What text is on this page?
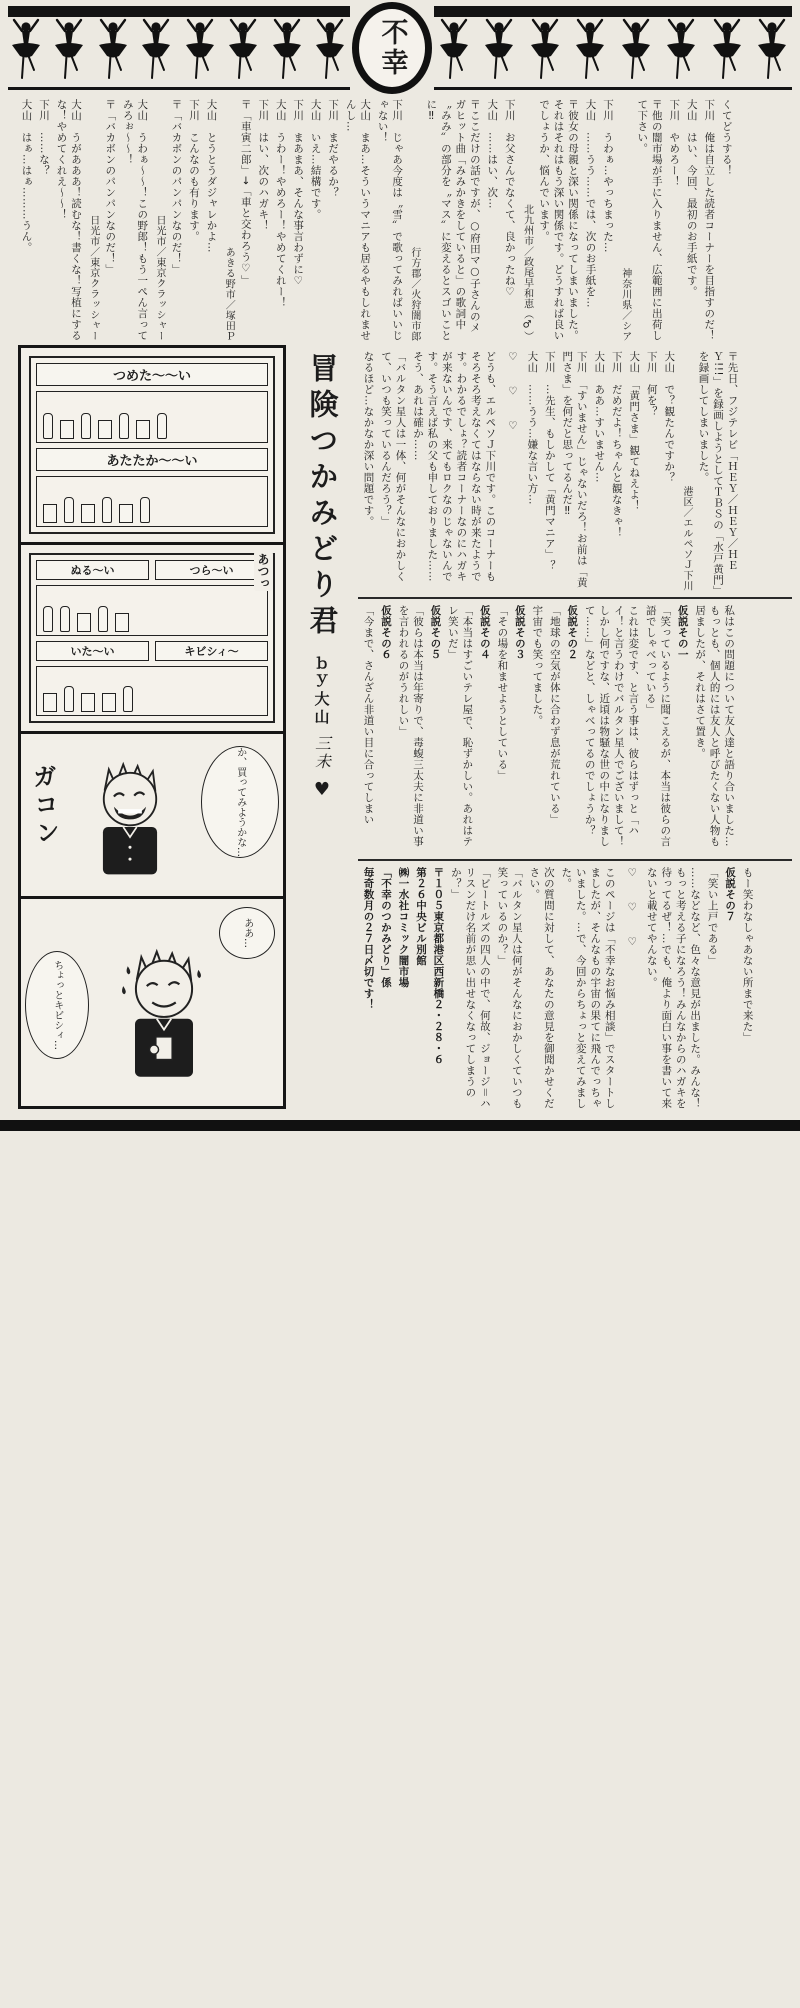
不幸
くてどうする！
下川　俺は自立した読者コーナーを目指すのだ！
大山　はい、今回、最初のお手紙です。
下川　やめろー！
〒他の闇市場が手に入りません、広範囲に出荷して下さい。
神奈川県／シア
下川　うわぁ…やっちまった…
大山　……うう……では、次のお手紙を…
〒彼女の母親と深い関係になってしまいました。それはそれはもう深い関係です。どうすれば良いでしょうか、悩んでいます。
北九州市／政尾早和恵（♂）
下川　お父さんでなくて、良かったね♡
大山　……はい、次…
〒ここだけの話ですが、○府田マ○子さんのメガヒット曲「みみかきをしていると」の歌詞中〝みみ〟の部分を〝マス〟に変えるとスゴいことに‼
行方郡／火狩闇市郎
下川　じゃあ今度は〝雪〟で歌ってみればいいじゃない！
大山　まあ…そういうマニアも居るやもしれませんし…
下川　まだやるか？
大山　いえ…結構です。
下川　まあまあ、そんな事言わずに♡
大山　うわー！やめろー！やめてくれー！
下川　はい、次のハガキ！
〒「車寅二郎」→「車と交わろう♡」
あきる野市／塚田Ｐ
大山　とうとうダジャレかよ…
下川　こんなのも有ります。
〒「バカボンのパンパンなのだ！」
日光市／東京クラッシャー
大山　うわぁ〜〜！この野郎！もう一ぺん言ってみろぉ〜〜！
〒「バカボンのパンパンなのだ！」
日光市／東京クラッシャー
大山　うがあああ！読むな！書くな！写植にするな！やめてくれえ〜〜！
下川　……な？
大山　はぁ…はぁ………うん。
つめた〜〜い
あたたか〜〜い
あつっ
ぬる〜い	つら〜い
いた〜い	キビシィ〜
ガコン	か、買ってみようかな…
ああ…
ちょっとキビシィ…
冒険つかみどり君
ｂｙ大山
三未
♥
〒先日、フジテレビ「ＨＥＹ／ＨＥＹ／ＨＥＹ!!!」を録画しようとしてＴＢＳの「水戸黄門」を録画してしまいました。
港区／エルペソＪ下川
大山　で？観たんですか？
下川　何を？
大山　「黄門さま」観てねえよ！
下川　だめだよ！ちゃんと観なきゃ！
大山　ああ…すいません…
下川　「すいません」じゃないだろ！お前は「黄門さま」を何だと思ってるんだ‼
下川　…先生、もしかして「黄門マニア」？
大山　……うう…嫌な言い方…
♡　　♡　　♡
どうも、エルペソＪ下川です。このコーナーもそろそろ考えなくてはならない時が来たようです。わかるでしょ？読者コーナーなのにハガキが来ないんです、来てもロクなのじゃないんです。そう言えば私の父も申しておりました……そう、あれは確か……
「バルタン星人は一体、何がそんなにおかしくて、いつも笑っているんだろう？」
なるほど…なかなか深い問題です。
私はこの問題について友人達と語り合いました…もっとも、個人的には友人と呼びたくない人物も居ましたが、それはさて置き。
仮説その一
「笑っているように聞こえるが、本当は彼らの言語でしゃべっている」
これは変です、と言う事は、彼らはずっと「ハイ！と言うわけでバルタン星人でございまして！しかし何ですな、近頃は物騒な世の中になりまして……」などと、しゃべってるのでしょうか？
仮説その２
「地球の空気が体に合わず息が荒れている」
宇宙でも笑ってました。
仮説その３
「その場を和ませようとしている」
仮説その４
「本当はすごいテレ屋で、恥ずかしい。あれはテレ笑いだ」
仮説その５
「彼らは本当は年寄りで、毒蝮三太夫に非道い事を言われるのがうれしい」
仮説その６
「今まで、さんざん非道い目に合ってしまい
もー笑わなしゃあない所まで来た」
仮説その７
「笑い上戸である」
……などなど、色々な意見が出ました。みんな！もっと考える子になろう！みんなからのハガキを待ってるぜ！…でも、俺より面白い事を書いて来ないと載せてやんない。
♡　　♡　　♡
このページは「不幸なお悩み相談」でスタートしましたが、そんなもの宇宙の果てに飛んでっちゃいました。…で、今回からちょっと変えてみました。
次の質問に対して、あなたの意見を御聞かせください。
「バルタン星人は何がそんなにおかしくていつも笑っているのか？」
「ビートルズの四人の中で、何故、ジョージ＝ハリスンだけ名前が思い出せなくなってしまうのか？」
〒１０５東京都港区西新橋２・２８・６
第２６中央ビル別館
㈱一水社コミック闇市場
「不幸のつかみどり」係
毎奇数月の２７日〆切です！
